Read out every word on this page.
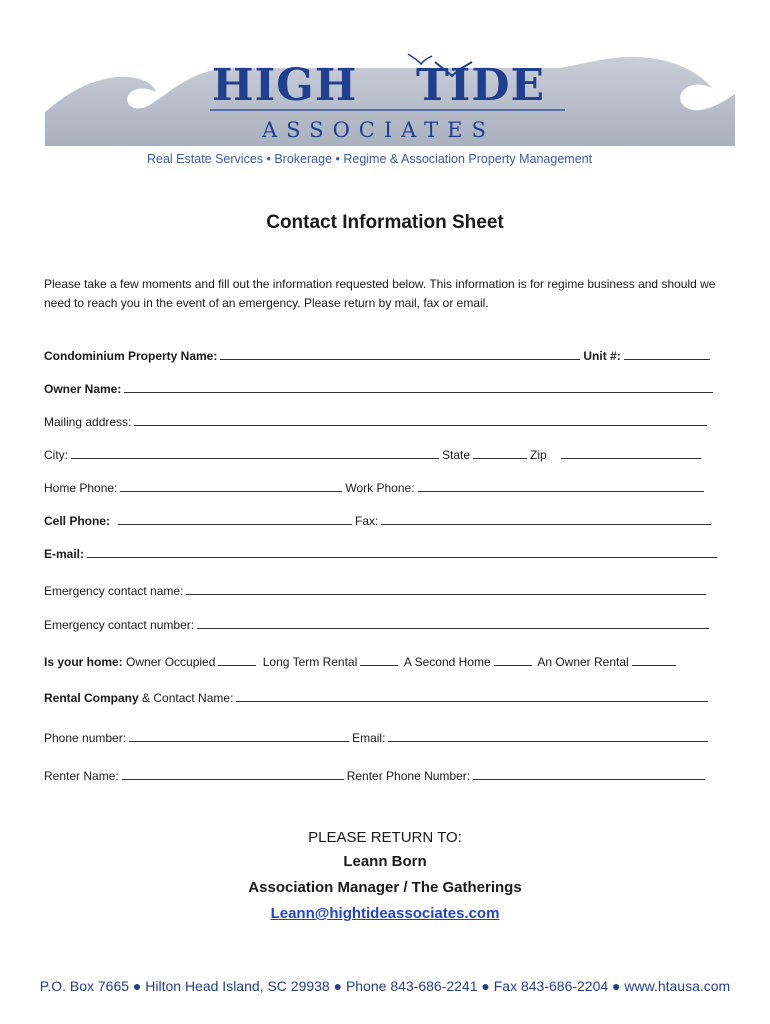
HIGH TIDE
ASSOCIATES
Real Estate Services • Brokerage • Regime & Association Property Management
Contact Information Sheet
Please take a few moments and fill out the information requested below. This information is for regime business and should we need to reach you in the event of an emergency. Please return by mail, fax or email.
Condominium Property Name:	Unit #:
Owner Name:
Mailing address:
City:	State	Zip
Home Phone:	Work Phone:
Cell Phone:	Fax:
E-mail:
Emergency contact name:
Emergency contact number:
Is your home: Owner Occupied	Long Term Rental	A Second Home	An Owner Rental
Rental Company & Contact Name:
Phone number:	Email:
Renter Name:	Renter Phone Number:
PLEASE RETURN TO:
Leann Born
Association Manager / The Gatherings
Leann@hightideassociates.com
P.O. Box 7665 ● Hilton Head Island, SC 29938 ● Phone 843-686-2241 ● Fax 843-686-2204 ● www.htausa.com
